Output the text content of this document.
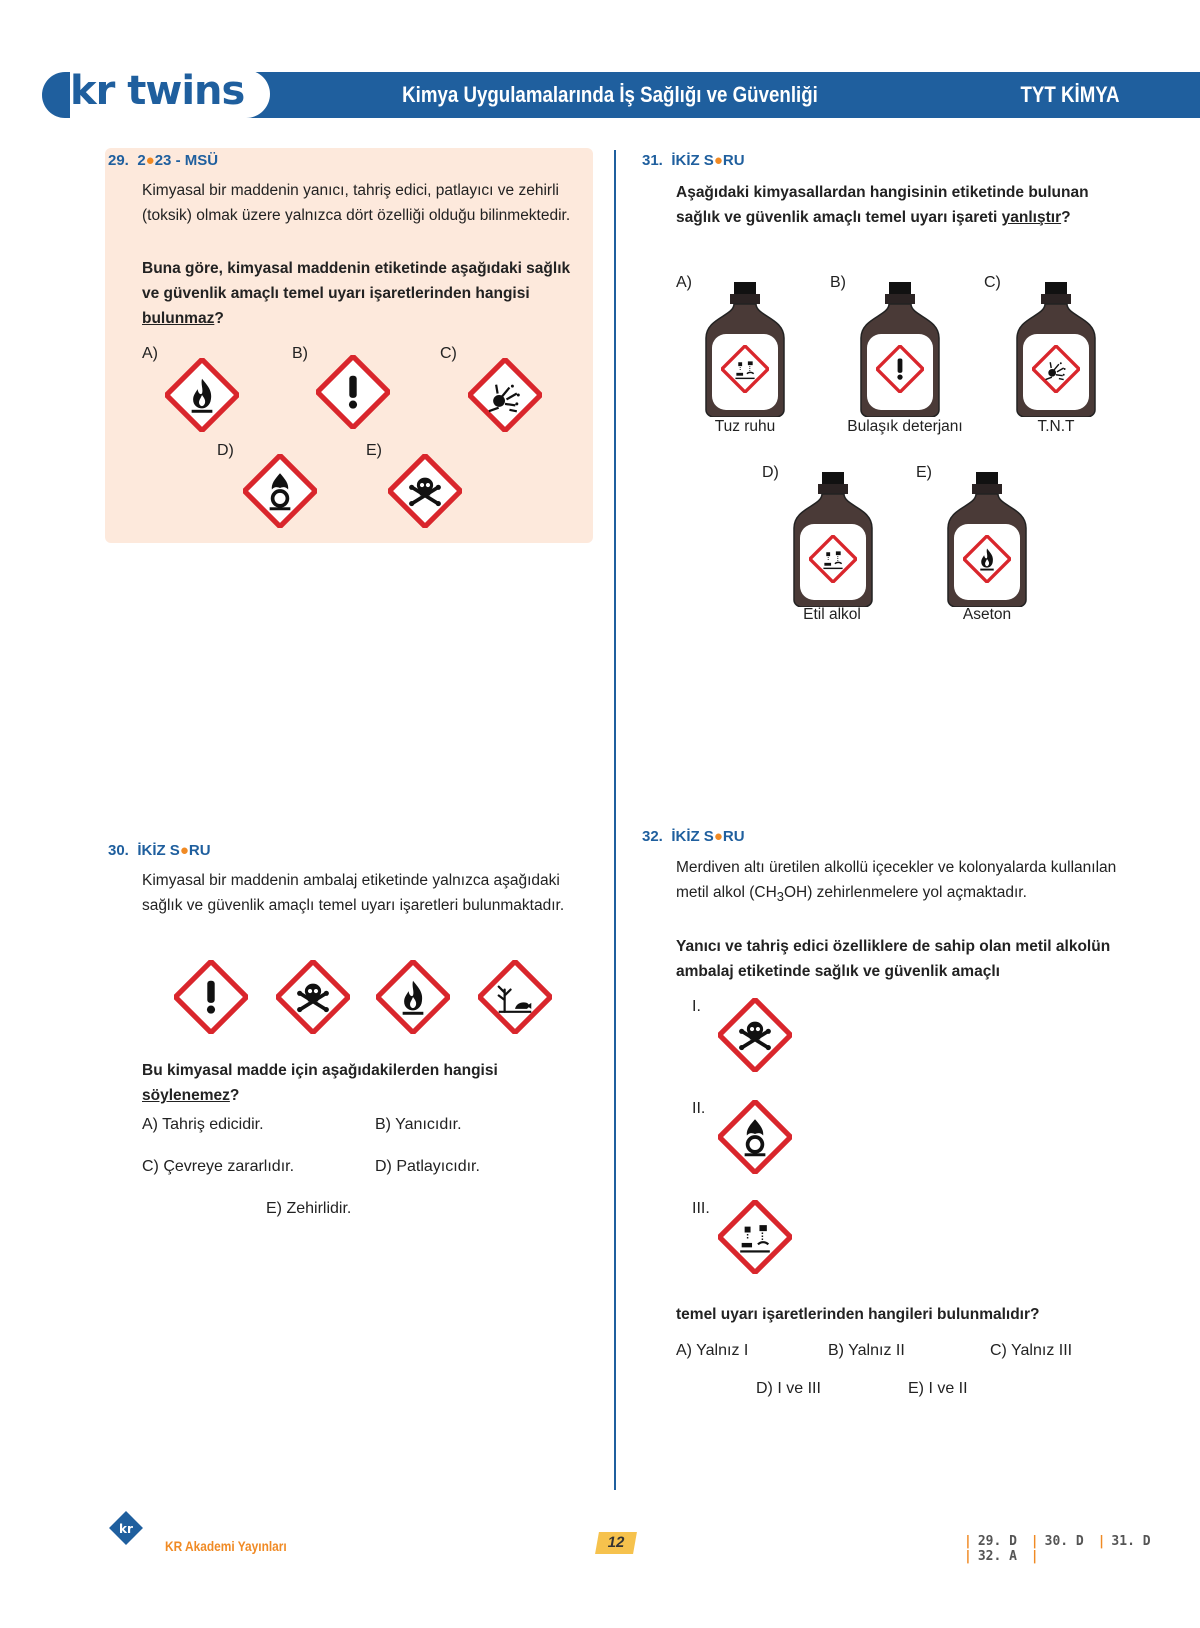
kr twins	Kimya Uygulamalarında İş Sağlığı ve Güvenliği	TYT KİMYA
29. 2●23 - MSÜ
Kimyasal bir maddenin yanıcı, tahriş edici, patlayıcı ve zehirli (toksik) olmak üzere yalnızca dört özelliği olduğu bilinmektedir.
Buna göre, kimyasal maddenin etiketinde aşağıdaki sağlık ve güvenlik amaçlı temel uyarı işaretlerinden hangisi bulunmaz?
A)	B)	C)
D)	E)
30. İKİZ S●RU
Kimyasal bir maddenin ambalaj etiketinde yalnızca aşağıdaki sağlık ve güvenlik amaçlı temel uyarı işaretleri bulunmaktadır.
Bu kimyasal madde için aşağıdakilerden hangisi söylenemez?
A) Tahriş edicidir.	B) Yanıcıdır.
C) Çevreye zararlıdır.	D) Patlayıcıdır.
E) Zehirlidir.
31. İKİZ S●RU
Aşağıdaki kimyasallardan hangisinin etiketinde bulunan sağlık ve güvenlik amaçlı temel uyarı işareti yanlıştır?
A)
Tuz ruhu
B)
Bulaşık deterjanı
C)
T.N.T
D)
Etil alkol
E)
Aseton
32. İKİZ S●RU
Merdiven altı üretilen alkollü içecekler ve kolonyalarda kullanılan metil alkol $(CH_3OH)$ zehirlenmelere yol açmaktadır.
Yanıcı ve tahriş edici özelliklere de sahip olan metil alkolün ambalaj etiketinde sağlık ve güvenlik amaçlı
I.
II.
III.
temel uyarı işaretlerinden hangileri bulunmalıdır?
A) Yalnız I	B) Yalnız II	C) Yalnız III
D) I ve III	E) I ve II
kr
KR Akademi Yayınları	12	| 29. D | 30. D | 31. D | 32. A |
